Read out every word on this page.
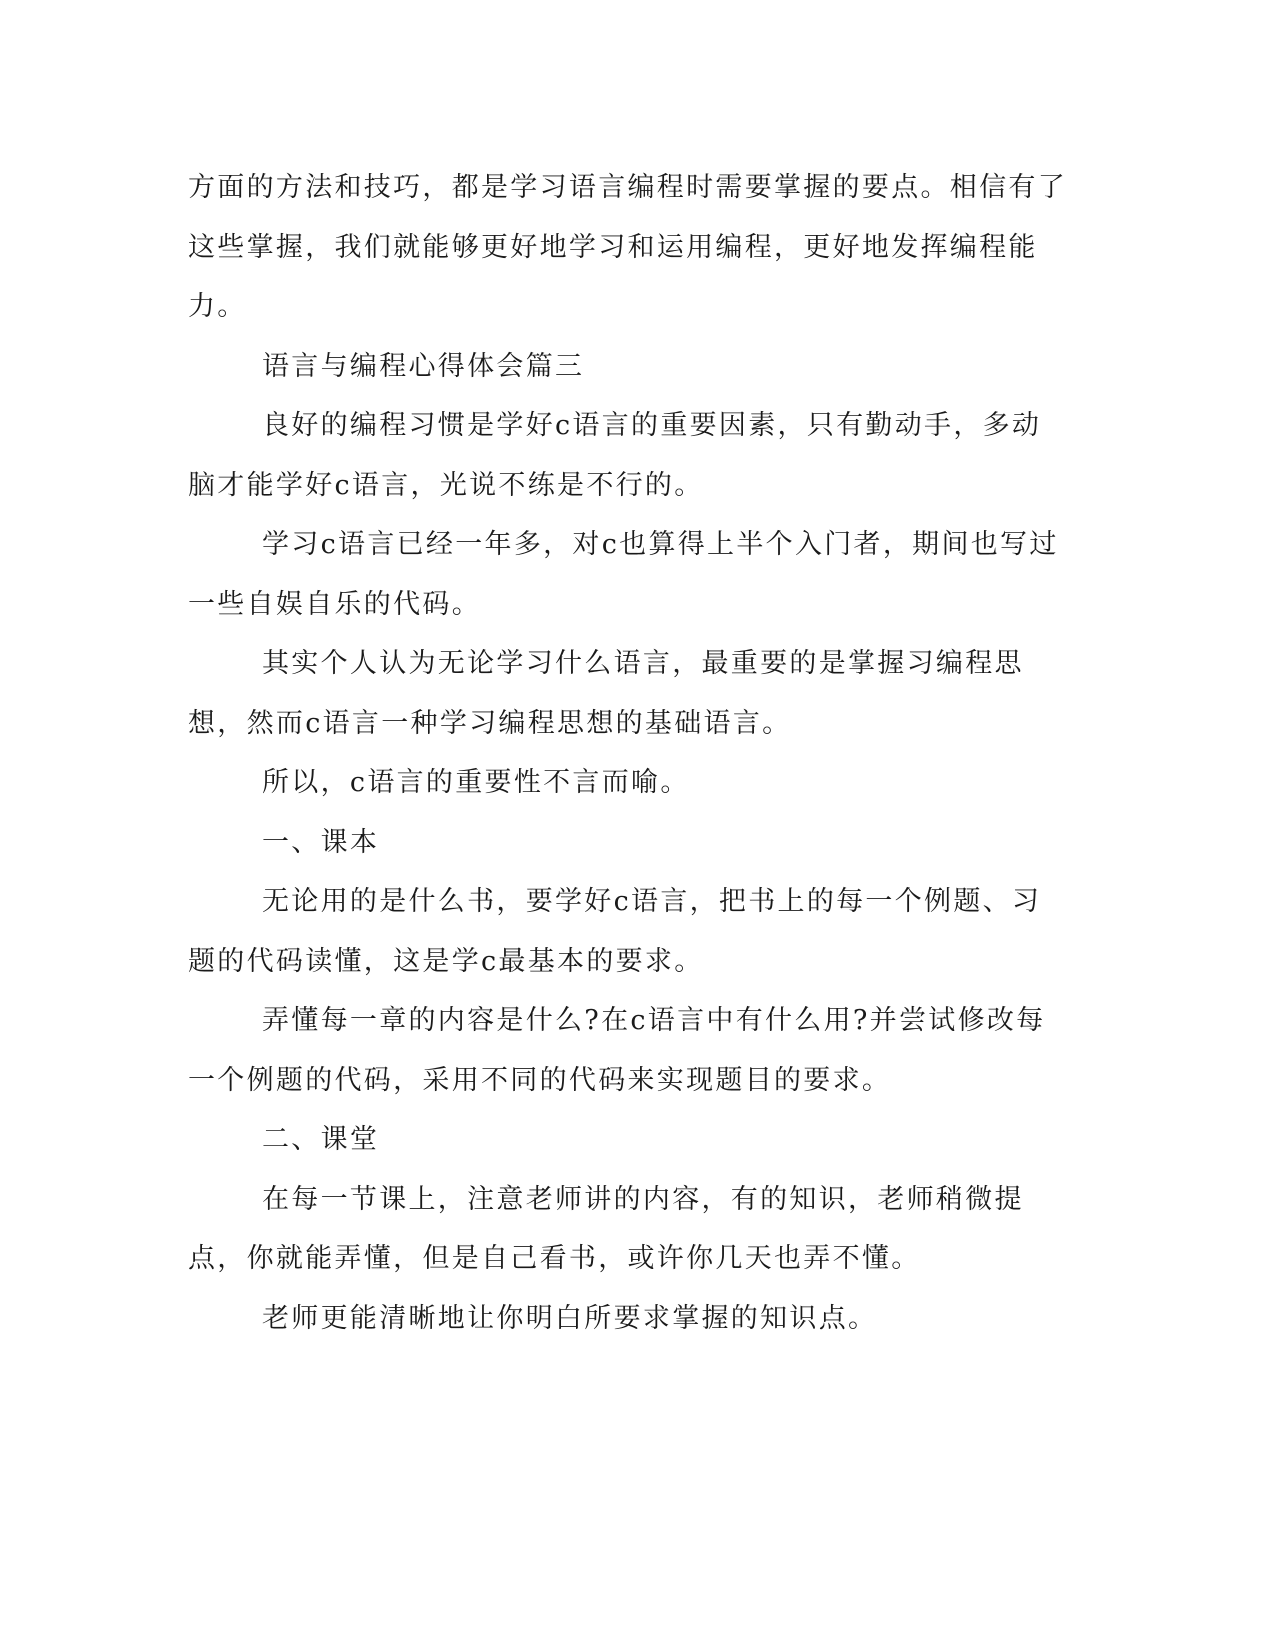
方面的方法和技巧，都是学习语言编程时需要掌握的要点。相信有了这些掌握，我们就能够更好地学习和运用编程，更好地发挥编程能力。

语言与编程心得体会篇三

良好的编程习惯是学好c语言的重要因素，只有勤动手，多动脑才能学好c语言，光说不练是不行的。

学习c语言已经一年多，对c也算得上半个入门者，期间也写过一些自娱自乐的代码。

其实个人认为无论学习什么语言，最重要的是掌握习编程思想，然而c语言一种学习编程思想的基础语言。

所以，c语言的重要性不言而喻。

一、课本

无论用的是什么书，要学好c语言，把书上的每一个例题、习题的代码读懂，这是学c最基本的要求。

弄懂每一章的内容是什么?在c语言中有什么用?并尝试修改每一个例题的代码，采用不同的代码来实现题目的要求。

二、课堂

在每一节课上，注意老师讲的内容，有的知识，老师稍微提点，你就能弄懂，但是自己看书，或许你几天也弄不懂。

老师更能清晰地让你明白所要求掌握的知识点。
